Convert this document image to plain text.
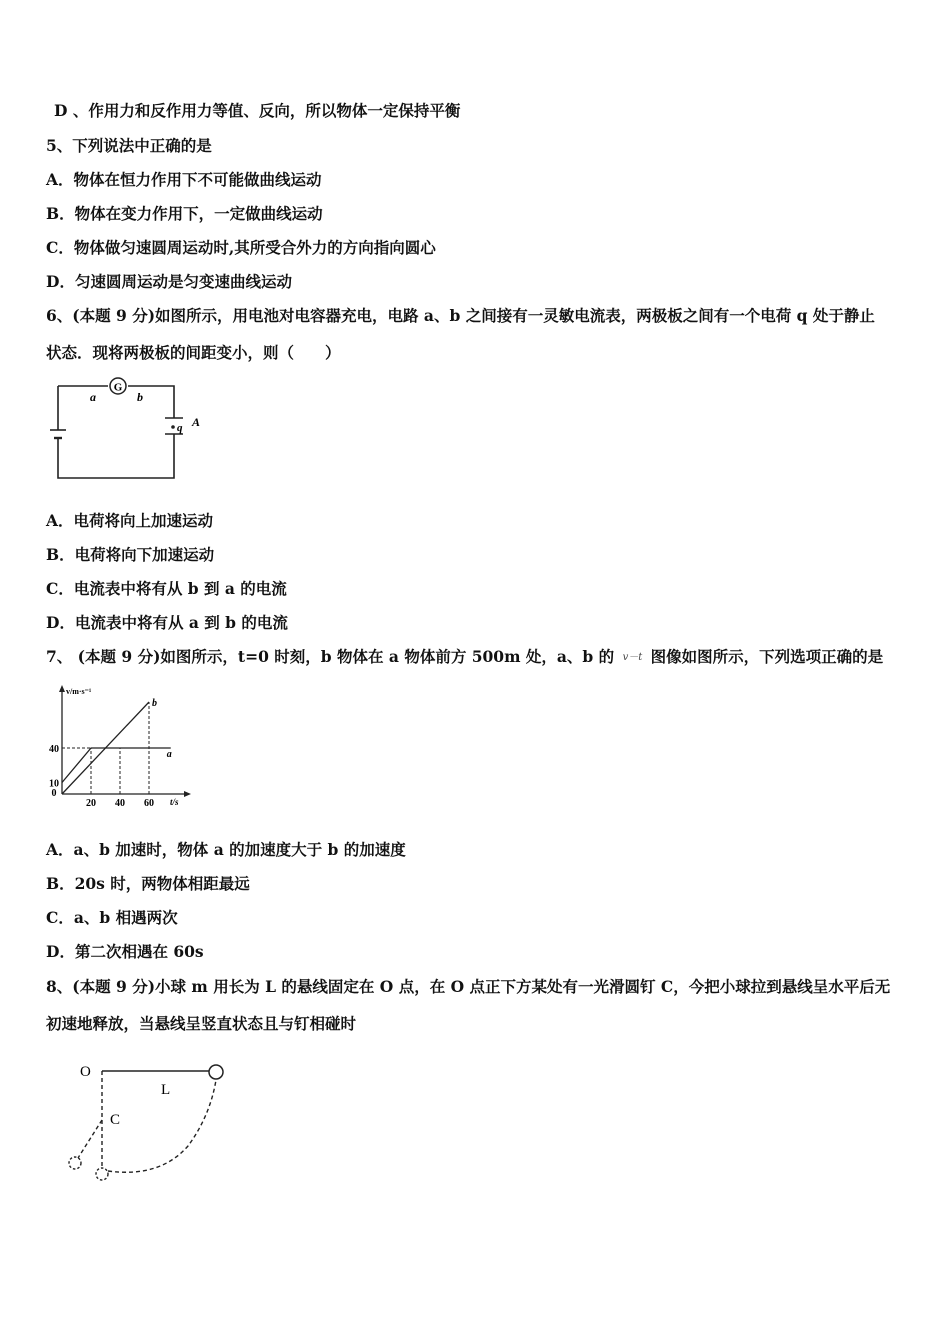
D 、作用力和反作用力等值、反向，所以物体一定保持平衡
5、下列说法中正确的是
A．物体在恒力作用下不可能做曲线运动
B．物体在变力作用下，一定做曲线运动
C．物体做匀速圆周运动时,其所受合外力的方向指向圆心
D．匀速圆周运动是匀变速曲线运动
6、(本题 9 分)如图所示，用电池对电容器充电，电路 a、b 之间接有一灵敏电流表，两极板之间有一个电荷 q 处于静止
状态．现将两极板的间距变小，则（　　）
G
a	b
q A
A．电荷将向上加速运动
B．电荷将向下加速运动
C．电流表中将有从 b 到 a 的电流
D．电流表中将有从 a 到 b 的电流
7、 (本题 9 分)如图所示，t=0 时刻，b 物体在 a 物体前方 500m 处，a、b 的 v－t 图像如图所示，下列选项正确的是
v/m·s⁻¹
t/s
a
b
0
20 40 60
10
40
A．a、b 加速时，物体 a 的加速度大于 b 的加速度
B．20s 时，两物体相距最远
C．a、b 相遇两次
D．第二次相遇在 60s
8、(本题 9 分)小球 m 用长为 L 的悬线固定在 O 点，在 O 点正下方某处有一光滑圆钉 C，今把小球拉到悬线呈水平后无
初速地释放，当悬线呈竖直状态且与钉相碰时
O
L
C
